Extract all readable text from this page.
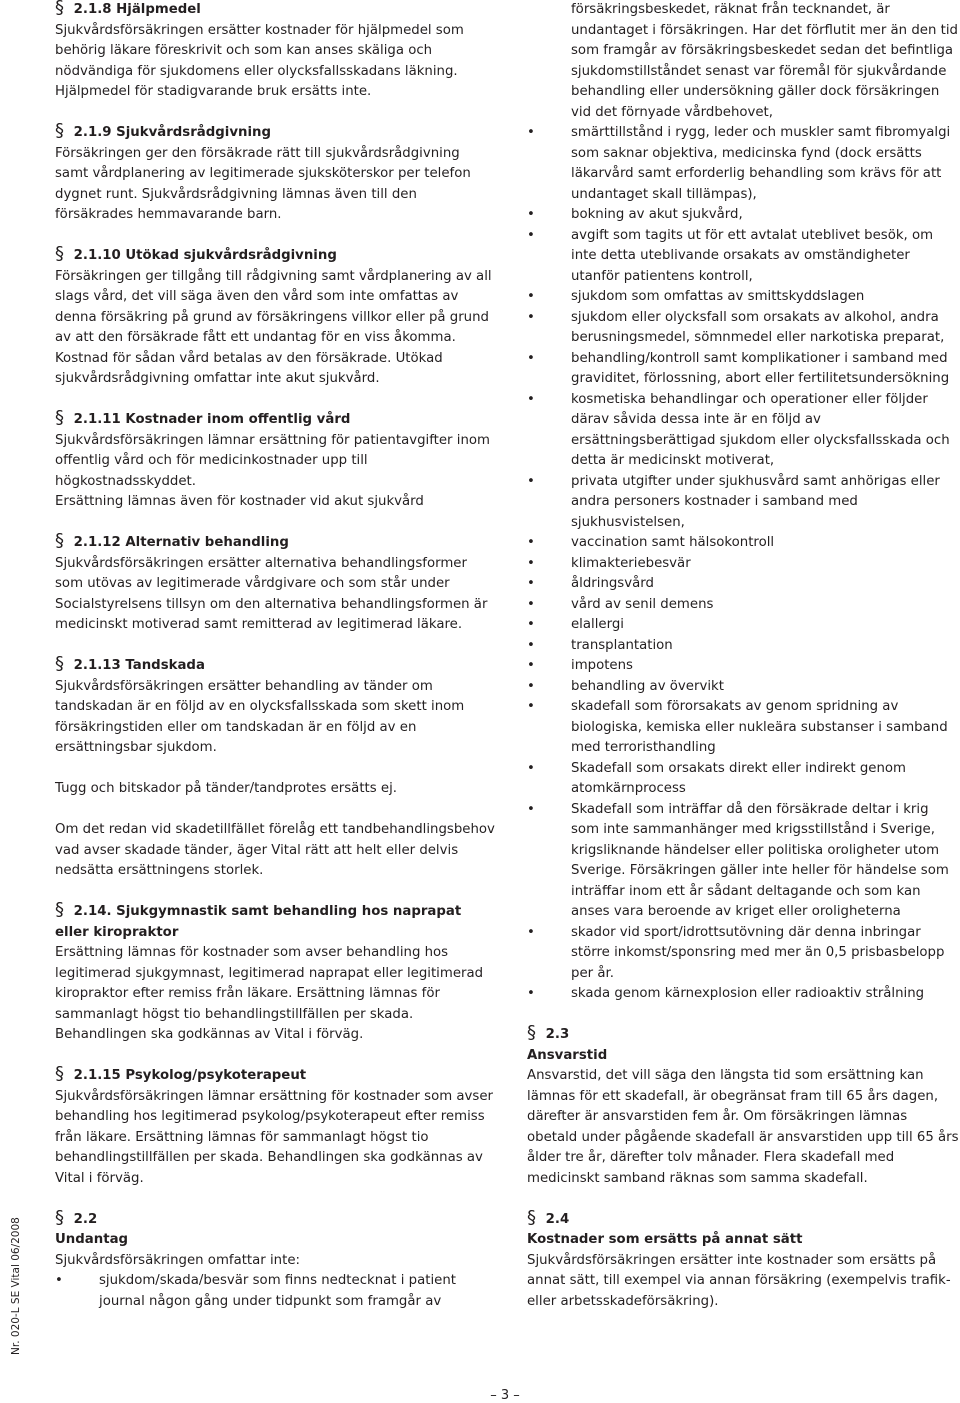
§ 2.1.8 Hjälpmedel
Sjukvårdsförsäkringen ersätter kostnader för hjälpmedel som behörig läkare föreskrivit och som kan anses skäliga och nödvändiga för sjukdomens eller olycksfallsskadans läkning. Hjälpmedel för stadigvarande bruk ersätts inte.
§ 2.1.9 Sjukvårdsrådgivning
Försäkringen ger den försäkrade rätt till sjukvårdsrådgivning samt vårdplanering av legitimerade sjuksköterskor per telefon dygnet runt. Sjukvårdsrådgivning lämnas även till den försäkrades hemmavarande barn.
§ 2.1.10 Utökad sjukvårdsrådgivning
Försäkringen ger tillgång till rådgivning samt vårdplanering av all slags vård, det vill säga även den vård som inte omfattas av denna försäkring på grund av försäkringens villkor eller på grund av att den försäkrade fått ett undantag för en viss åkomma. Kostnad för sådan vård betalas av den försäkrade. Utökad sjukvårdsrådgivning omfattar inte akut sjukvård.
§ 2.1.11 Kostnader inom offentlig vård
Sjukvårdsförsäkringen lämnar ersättning för patientavgifter inom offentlig vård och för medicinkostnader upp till högkostnadsskyddet.
Ersättning lämnas även för kostnader vid akut sjukvård
§ 2.1.12 Alternativ behandling
Sjukvårdsförsäkringen ersätter alternativa behandlingsformer som utövas av legitimerade vårdgivare och som står under Socialstyrelsens tillsyn om den alternativa behandlingsformen är medicinskt motiverad samt remitterad av legitimerad läkare.
§ 2.1.13 Tandskada
Sjukvårdsförsäkringen ersätter behandling av tänder om tandskadan är en följd av en olycksfallsskada som skett inom försäkringstiden eller om tandskadan är en följd av en ersättningsbar sjukdom.
Tugg och bitskador på tänder/tandprotes ersätts ej.
Om det redan vid skadetillfället förelåg ett tandbehandlingsbehov vad avser skadade tänder, äger Vital rätt att helt eller delvis nedsätta ersättningens storlek.
§ 2.14. Sjukgymnastik samt behandling hos naprapat eller kiropraktor
Ersättning lämnas för kostnader som avser behandling hos legitimerad sjukgymnast, legitimerad naprapat eller legitimerad kiropraktor efter remiss från läkare. Ersättning lämnas för sammanlagt högst tio behandlingstillfällen per skada. Behandlingen ska godkännas av Vital i förväg.
§ 2.1.15 Psykolog/psykoterapeut
Sjukvårdsförsäkringen lämnar ersättning för kostnader som avser behandling hos legitimerad psykolog/psykoterapeut efter remiss från läkare. Ersättning lämnas för sammanlagt högst tio behandlingstillfällen per skada. Behandlingen ska godkännas av Vital i förväg.
§ 2.2
Undantag
Sjukvårdsförsäkringen omfattar inte:
• sjukdom/skada/besvär som finns nedtecknat i patient journal någon gång under tidpunkt som framgår av
försäkringsbeskedet, räknat från tecknandet, är undantaget i försäkringen. Har det förflutit mer än den tid som framgår av försäkringsbeskedet sedan det befintliga sjukdomstillståndet senast var föremål för sjukvårdande behandling eller undersökning gäller dock försäkringen vid det förnyade vårdbehovet,
• smärttillstånd i rygg, leder och muskler samt fibromyalgi som saknar objektiva, medicinska fynd (dock ersätts läkarvård samt erforderlig behandling som krävs för att undantaget skall tillämpas),
• bokning av akut sjukvård,
• avgift som tagits ut för ett avtalat uteblivet besök, om inte detta uteblivande orsakats av omständigheter utanför patientens kontroll,
• sjukdom som omfattas av smittskyddslagen
• sjukdom eller olycksfall som orsakats av alkohol, andra berusningsmedel, sömnmedel eller narkotiska preparat,
• behandling/kontroll samt komplikationer i samband med graviditet, förlossning, abort eller fertilitetsundersökning
• kosmetiska behandlingar och operationer eller följder därav såvida dessa inte är en följd av ersättningsberättigad sjukdom eller olycksfallsskada och detta är medicinskt motiverat,
• privata utgifter under sjukhusvård samt anhörigas eller andra personers kostnader i samband med sjukhusvistelsen,
• vaccination samt hälsokontroll
• klimakteriebesvär
• åldringsvård
• vård av senil demens
• elallergi
• transplantation
• impotens
• behandling av övervikt
• skadefall som förorsakats av genom spridning av biologiska, kemiska eller nukleära substanser i samband med terroristhandling
• Skadefall som orsakats direkt eller indirekt genom atomkärnprocess
• Skadefall som inträffar då den försäkrade deltar i krig som inte sammanhänger med krigsstillstånd i Sverige, krigsliknande händelser eller politiska oroligheter utom Sverige. Försäkringen gäller inte heller för händelse som inträffar inom ett år sådant deltagande och som kan anses vara beroende av kriget eller oroligheterna
• skador vid sport/idrottsutövning där denna inbringar större inkomst/sponsring med mer än 0,5 prisbasbelopp per år.
• skada genom kärnexplosion eller radioaktiv strålning
§ 2.3
Ansvarstid
Ansvarstid, det vill säga den längsta tid som ersättning kan lämnas för ett skadefall, är obegränsat fram till 65 års dagen, därefter är ansvarstiden fem år. Om försäkringen lämnas obetald under pågående skadefall är ansvarstiden upp till 65 års ålder tre år, därefter tolv månader. Flera skadefall med medicinskt samband räknas som samma skadefall.
§ 2.4
Kostnader som ersätts på annat sätt
Sjukvårdsförsäkringen ersätter inte kostnader som ersätts på annat sätt, till exempel via annan försäkring (exempelvis trafik- eller arbetsskadeförsäkring).
Nr. 020-L SE Vital 06/2008
– 3 –
